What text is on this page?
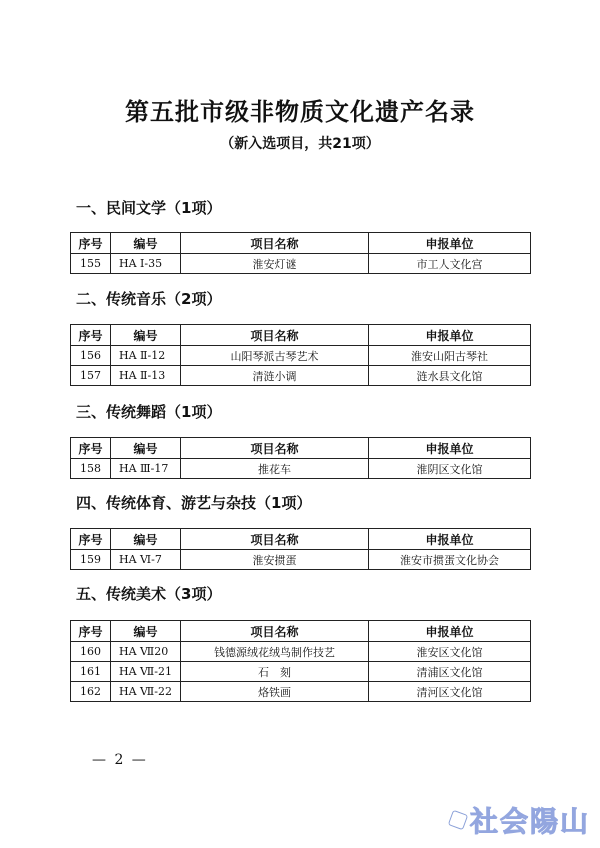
第五批市级非物质文化遗产名录
（新入选项目，共21项）
一、民间文学（1项）
序号	编号	项目名称	申报单位
155	HA Ⅰ-35	淮安灯谜	市工人文化宫
二、传统音乐（2项）
序号	编号	项目名称	申报单位
156	HA Ⅱ-12	山阳琴派古琴艺术	淮安山阳古琴社
157	HA Ⅱ-13	清涟小调	涟水县文化馆
三、传统舞蹈（1项）
序号	编号	项目名称	申报单位
158	HA Ⅲ-17	推花车	淮阴区文化馆
四、传统体育、游艺与杂技（1项）
序号	编号	项目名称	申报单位
159	HA Ⅵ-7	淮安掼蛋	淮安市掼蛋文化协会
五、传统美术（3项）
序号	编号	项目名称	申报单位
160	HA Ⅶ20	钱德源绒花绒鸟制作技艺	淮安区文化馆
161	HA Ⅶ-21	石　刻	清浦区文化馆
162	HA Ⅶ-22	烙铁画	清河区文化馆
— 2 —
社会陽山
